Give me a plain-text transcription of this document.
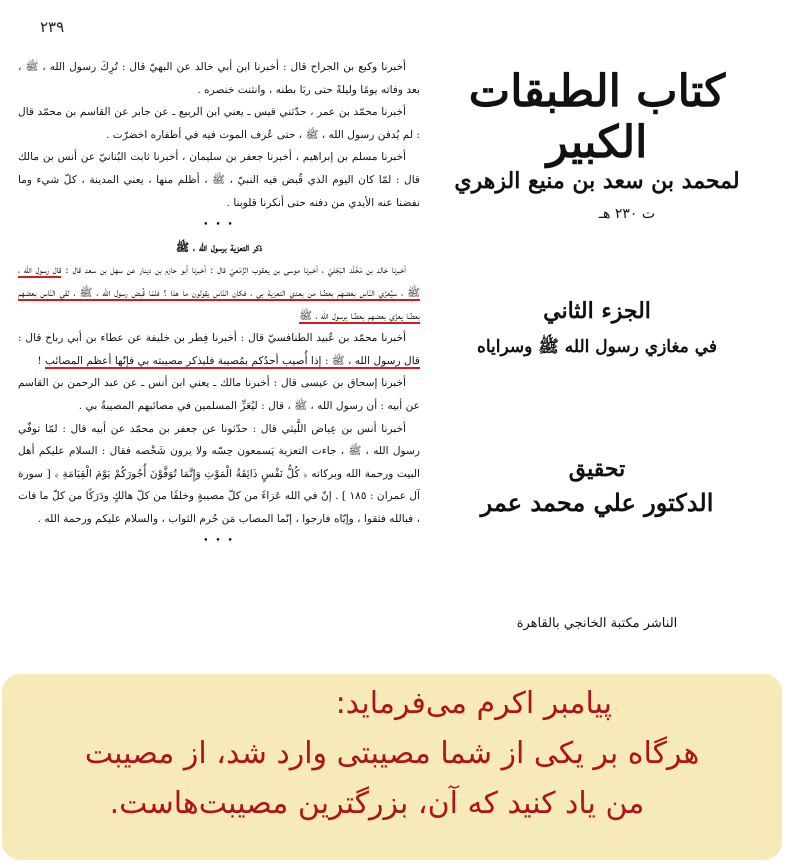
٢٣٩

أخبرنا وكيع بن الجراح قال : أخبرنا ابن أبي خالد عن البهيّ قال : تُرِكَ رسول الله ، ﷺ ، بعد وفاته يومًا وليلةً حتى ربَا بطنه ، وانثنت خنصره .

أخبرنا محمّد بن عمر ، حدّثني قيس ـ يعني ابن الربيع ـ عن جابر عن القاسم بن محمّد قال : لم يُدفن رسول الله ، ﷺ ، حتى عُرف الموت فيه في أظفاره اخضرّت .

أخبرنا مسلم بن إبراهيم ، أخبرنا جعفر بن سليمان ، أخبرنا ثابت البُنانيّ عن أنس بن مالك قال : لمّا كان اليوم الذي قُبض فيه النبيّ ، ﷺ ، أظلم منها ، يعني المدينة ، كلّ شيء وما نفضنا عنه الأيدي من دفنه حتى أنكرنا قلوبنا .

• • •

ذكر التعزية برسول الله ، ﷺ

أخبرنا خالد بن مَخْلَد البَجَليّ ، أخبرنا موسى بن يعقوب الزَّمْعيّ قال : أخبرنا أبو حازم بن دينار عن سهل بن سعد قال : قال رسول الله ، ﷺ ، سيُعزّي النّاس بعضهم بعضًا من بعدي التعزية بي ، فكان النّاس يقولون ما هذا ؟ فلمّا قُبض رسول الله ، ﷺ ، لقي النّاس بعضهم بعضًا يعزّي بعضهم بعضًا برسول الله ، ﷺ

أخبرنا محمّد بن عُبيد الطنافسيّ قال : أخبرنا فِطر بن خليفة عن عطاء بن أبي رباح قال : قال رسول الله ، ﷺ : إذا أُصيب أحدُكم بمُصيبة فليذكر مصيبته بي فإنّها أعظم المصائب !

أخبرنا إسحاق بن عيسى قال : أخبرنا مالك ـ يعني ابن أنس ـ عن عبد الرحمن بن القاسم عن أبيه : أن رسول الله ، ﷺ ، قال : ليُعَزِّ المسلمين في مصائبهم المصيبةُ بي .

أخبرنا أنس بن عِياض اللَّيثي قال : حدّثونا عن جعفر بن محمّد عن أبيه قال : لمّا توفّي رسول الله ، ﷺ ، جاءت التعزية يَسمعون حِسّه ولا يرون شَخْصه فقال : السلام عليكم أهل البيت ورحمة الله وبركاته ﴿ كُلُّ نَفْسٍ ذَائِقَةُ الْمَوْتِ وَإِنَّمَا تُوَفَّوْنَ أُجُورَكُمْ يَوْمَ الْقِيَامَةِ ﴾ [ سورة آل عمران : ١٨٥ ] . إنّ في الله عَزاءً من كلّ مصيبةٍ وخلفًا من كلّ هالكٍ ودَرَكًا من كلّ ما فات ، فبالله فثقوا ، وإيّاه فارجوا ، إنّما المصاب مَن حُرم الثواب ، والسلام عليكم ورحمة الله .

• • •

كتاب الطبقات الكبير
لمحمد بن سعد بن منيع الزهري
ت ٢٣٠ هـ
الجزء الثاني
في مغازي رسول الله ﷺ وسراياه
تحقيق
الدكتور علي محمد عمر
الناشر مكتبة الخانجي بالقاهرة
پیامبر اکرم می‌فرماید:
هرگاه بر یکی از شما مصیبتی وارد شد، از مصیبت
من یاد کنید که آن، بزرگترین مصیبت‌هاست.
